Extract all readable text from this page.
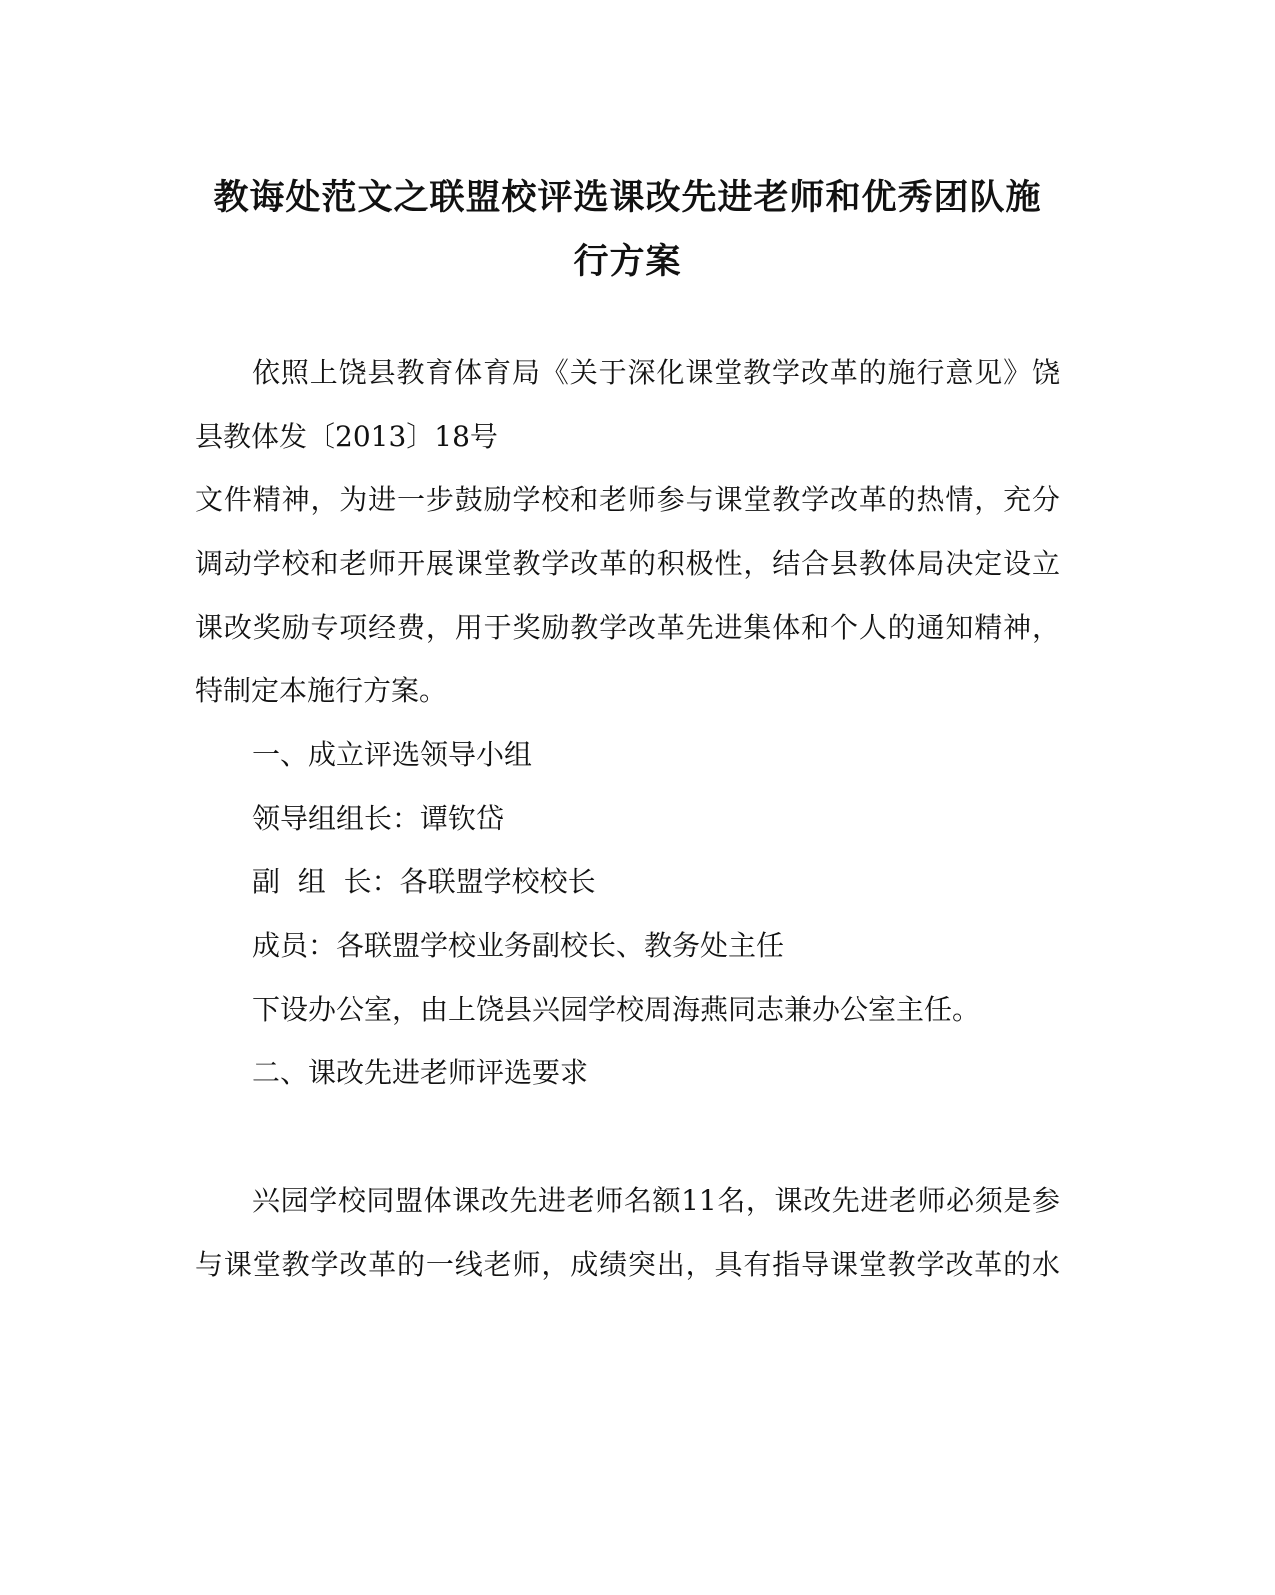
教诲处范文之联盟校评选课改先进老师和优秀团队施
行方案
依照上饶县教育体育局《关于深化课堂教学改革的施行意见》饶
县教体发〔2013〕18号
文件精神，为进一步鼓励学校和老师参与课堂教学改革的热情，充分
调动学校和老师开展课堂教学改革的积极性，结合县教体局决定设立
课改奖励专项经费，用于奖励教学改革先进集体和个人的通知精神，
特制定本施行方案。
一、成立评选领导小组
领导组组长：谭钦岱
副  组  长：各联盟学校校长
成员：各联盟学校业务副校长、教务处主任
下设办公室，由上饶县兴园学校周海燕同志兼办公室主任。
二、课改先进老师评选要求
兴园学校同盟体课改先进老师名额11名，课改先进老师必须是参
与课堂教学改革的一线老师，成绩突出，具有指导课堂教学改革的水
